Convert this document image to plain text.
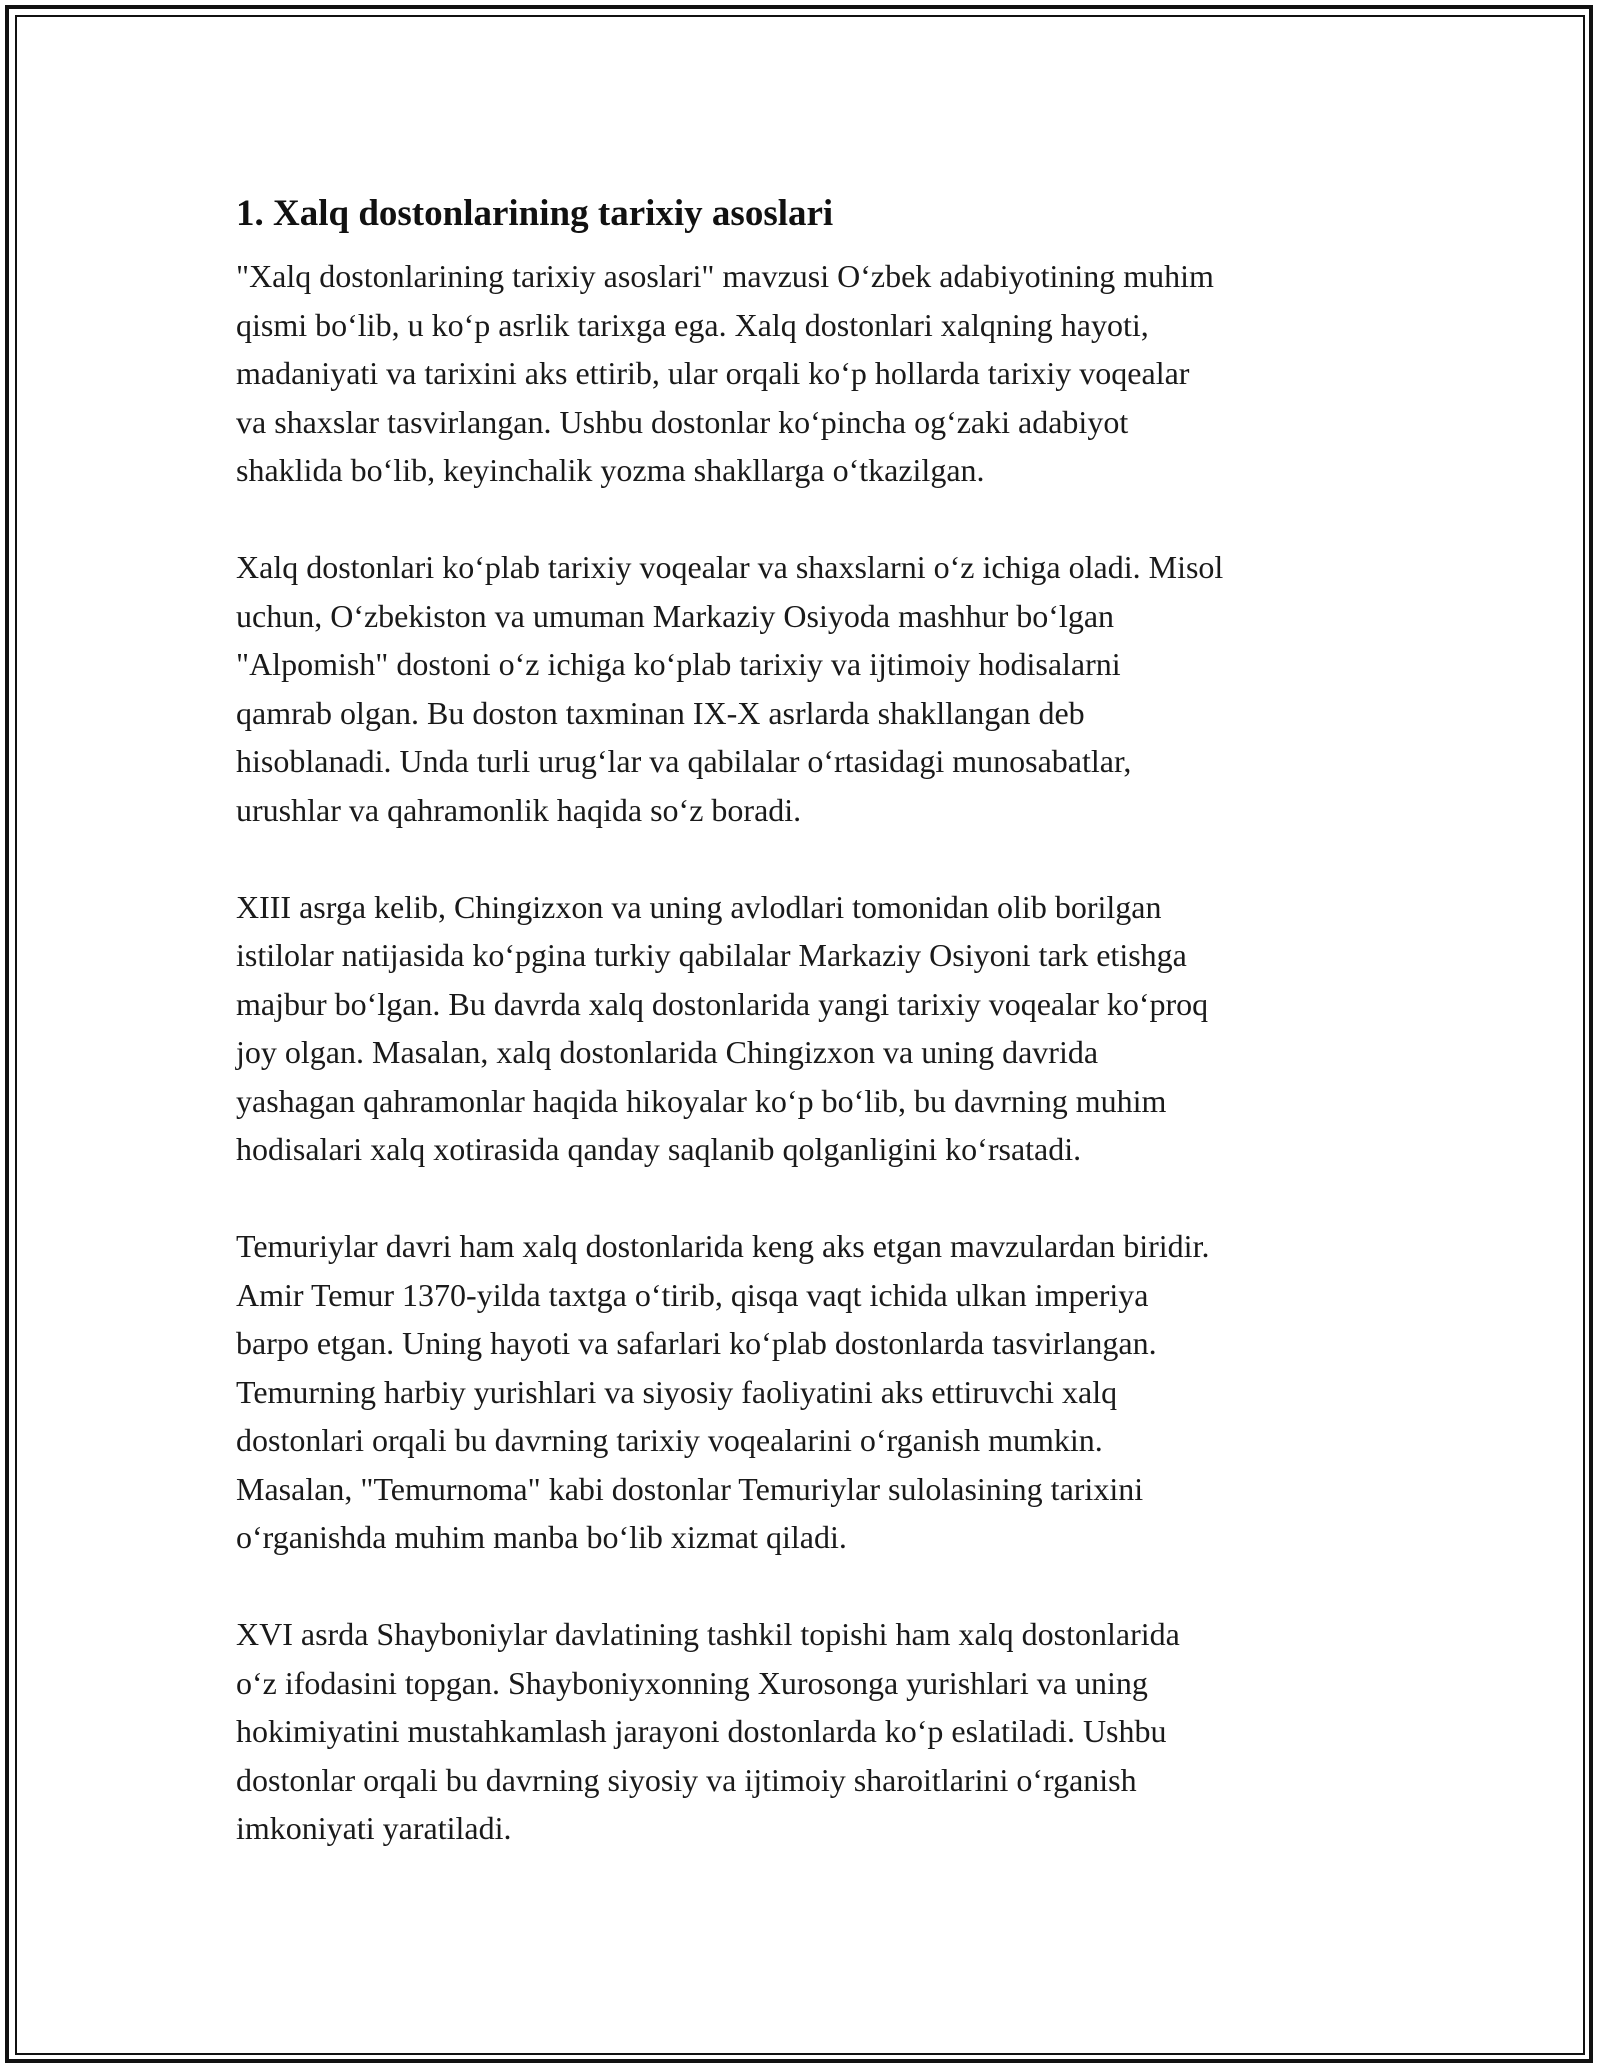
1. Xalq dostonlarining tarixiy asoslari

"Xalq dostonlarining tarixiy asoslari" mavzusi O‘zbek adabiyotining muhim
qismi bo‘lib, u ko‘p asrlik tarixga ega. Xalq dostonlari xalqning hayoti,
madaniyati va tarixini aks ettirib, ular orqali ko‘p hollarda tarixiy voqealar
va shaxslar tasvirlangan. Ushbu dostonlar ko‘pincha og‘zaki adabiyot
shaklida bo‘lib, keyinchalik yozma shakllarga o‘tkazilgan.

Xalq dostonlari ko‘plab tarixiy voqealar va shaxslarni o‘z ichiga oladi. Misol
uchun, O‘zbekiston va umuman Markaziy Osiyoda mashhur bo‘lgan
"Alpomish" dostoni o‘z ichiga ko‘plab tarixiy va ijtimoiy hodisalarni
qamrab olgan. Bu doston taxminan IX-X asrlarda shakllangan deb
hisoblanadi. Unda turli urug‘lar va qabilalar o‘rtasidagi munosabatlar,
urushlar va qahramonlik haqida so‘z boradi.

XIII asrga kelib, Chingizxon va uning avlodlari tomonidan olib borilgan
istilolar natijasida ko‘pgina turkiy qabilalar Markaziy Osiyoni tark etishga
majbur bo‘lgan. Bu davrda xalq dostonlarida yangi tarixiy voqealar ko‘proq
joy olgan. Masalan, xalq dostonlarida Chingizxon va uning davrida
yashagan qahramonlar haqida hikoyalar ko‘p bo‘lib, bu davrning muhim
hodisalari xalq xotirasida qanday saqlanib qolganligini ko‘rsatadi.

Temuriylar davri ham xalq dostonlarida keng aks etgan mavzulardan biridir.
Amir Temur 1370-yilda taxtga o‘tirib, qisqa vaqt ichida ulkan imperiya
barpo etgan. Uning hayoti va safarlari ko‘plab dostonlarda tasvirlangan.
Temurning harbiy yurishlari va siyosiy faoliyatini aks ettiruvchi xalq
dostonlari orqali bu davrning tarixiy voqealarini o‘rganish mumkin.
Masalan, "Temurnoma" kabi dostonlar Temuriylar sulolasining tarixini
o‘rganishda muhim manba bo‘lib xizmat qiladi.

XVI asrda Shayboniylar davlatining tashkil topishi ham xalq dostonlarida
o‘z ifodasini topgan. Shayboniyxonning Xurosonga yurishlari va uning
hokimiyatini mustahkamlash jarayoni dostonlarda ko‘p eslatiladi. Ushbu
dostonlar orqali bu davrning siyosiy va ijtimoiy sharoitlarini o‘rganish
imkoniyati yaratiladi.
